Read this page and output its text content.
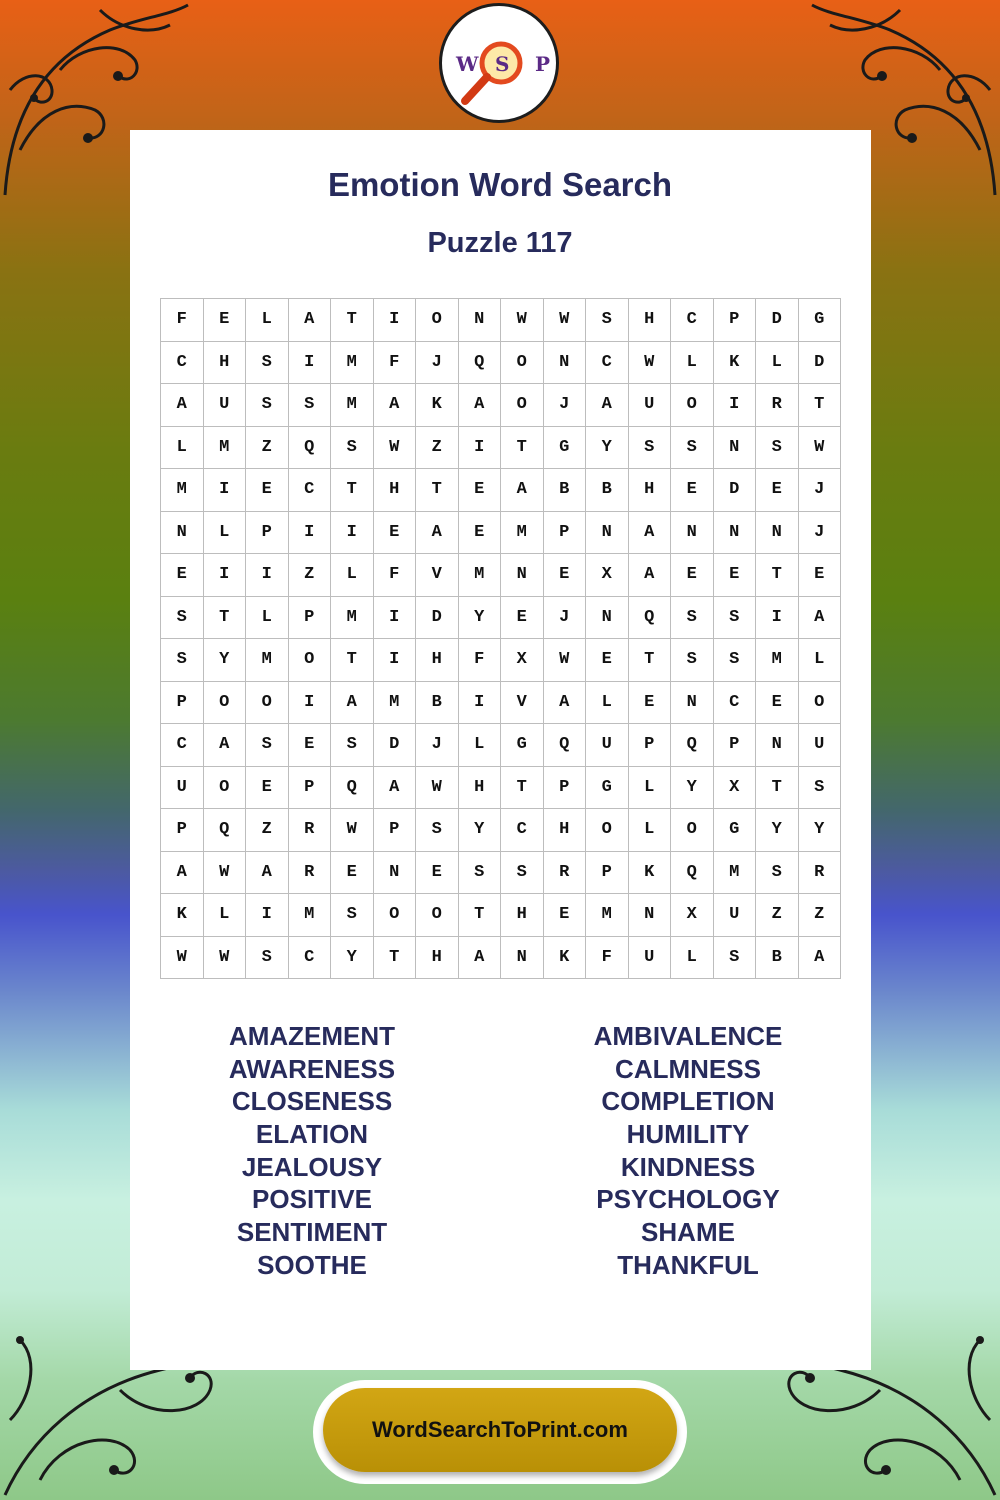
W S P
Emotion Word Search
Puzzle 117
F	E	L	A	T	I	O	N	W	W	S	H	C	P	D	G
C	H	S	I	M	F	J	Q	O	N	C	W	L	K	L	D
A	U	S	S	M	A	K	A	O	J	A	U	O	I	R	T
L	M	Z	Q	S	W	Z	I	T	G	Y	S	S	N	S	W
M	I	E	C	T	H	T	E	A	B	B	H	E	D	E	J
N	L	P	I	I	E	A	E	M	P	N	A	N	N	N	J
E	I	I	Z	L	F	V	M	N	E	X	A	E	E	T	E
S	T	L	P	M	I	D	Y	E	J	N	Q	S	S	I	A
S	Y	M	O	T	I	H	F	X	W	E	T	S	S	M	L
P	O	O	I	A	M	B	I	V	A	L	E	N	C	E	O
C	A	S	E	S	D	J	L	G	Q	U	P	Q	P	N	U
U	O	E	P	Q	A	W	H	T	P	G	L	Y	X	T	S
P	Q	Z	R	W	P	S	Y	C	H	O	L	O	G	Y	Y
A	W	A	R	E	N	E	S	S	R	P	K	Q	M	S	R
K	L	I	M	S	O	O	T	H	E	M	N	X	U	Z	Z
W	W	S	C	Y	T	H	A	N	K	F	U	L	S	B	A
AMAZEMENT
AWARENESS
CLOSENESS
ELATION
JEALOUSY
POSITIVE
SENTIMENT
SOOTHE
AMBIVALENCE
CALMNESS
COMPLETION
HUMILITY
KINDNESS
PSYCHOLOGY
SHAME
THANKFUL
WordSearchToPrint.com
